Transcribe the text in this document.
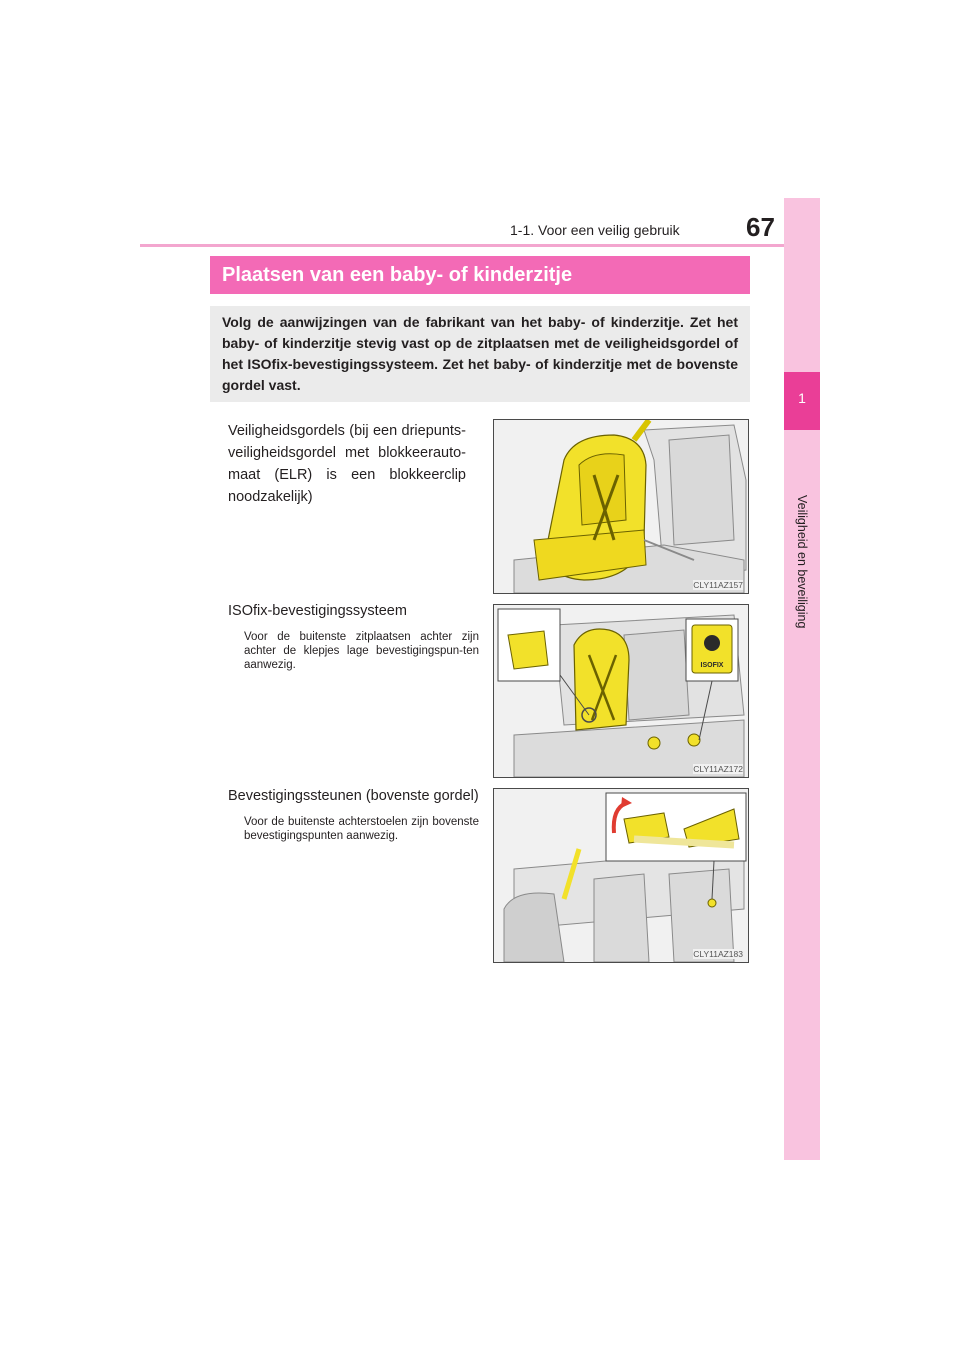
1-1. Voor een veilig gebruik	67
1
Veiligheid en beveiliging
Plaatsen van een baby- of kinderzitje
Volg de aanwijzingen van de fabrikant van het baby- of kinderzitje. Zet het baby- of kinderzitje stevig vast op de zitplaatsen met de veiligheidsgordel of het ISOfix-bevestigingssysteem. Zet het baby- of kinderzitje met de bovenste gordel vast.
Veiligheidsgordels (bij een driepunts-veiligheidsgordel met blokkeerauto-maat (ELR) is een blokkeerclip noodzakelijk)
CLY11AZ157
ISOfix-bevestigingssysteem
Voor de buitenste zitplaatsen achter zijn achter de klepjes lage bevestigingspun-ten aanwezig.	ISOFIX
CLY11AZ172
Bevestigingssteunen (bovenste gordel)
Voor de buitenste achterstoelen zijn bovenste bevestigingspunten aanwezig.
CLY11AZ183
